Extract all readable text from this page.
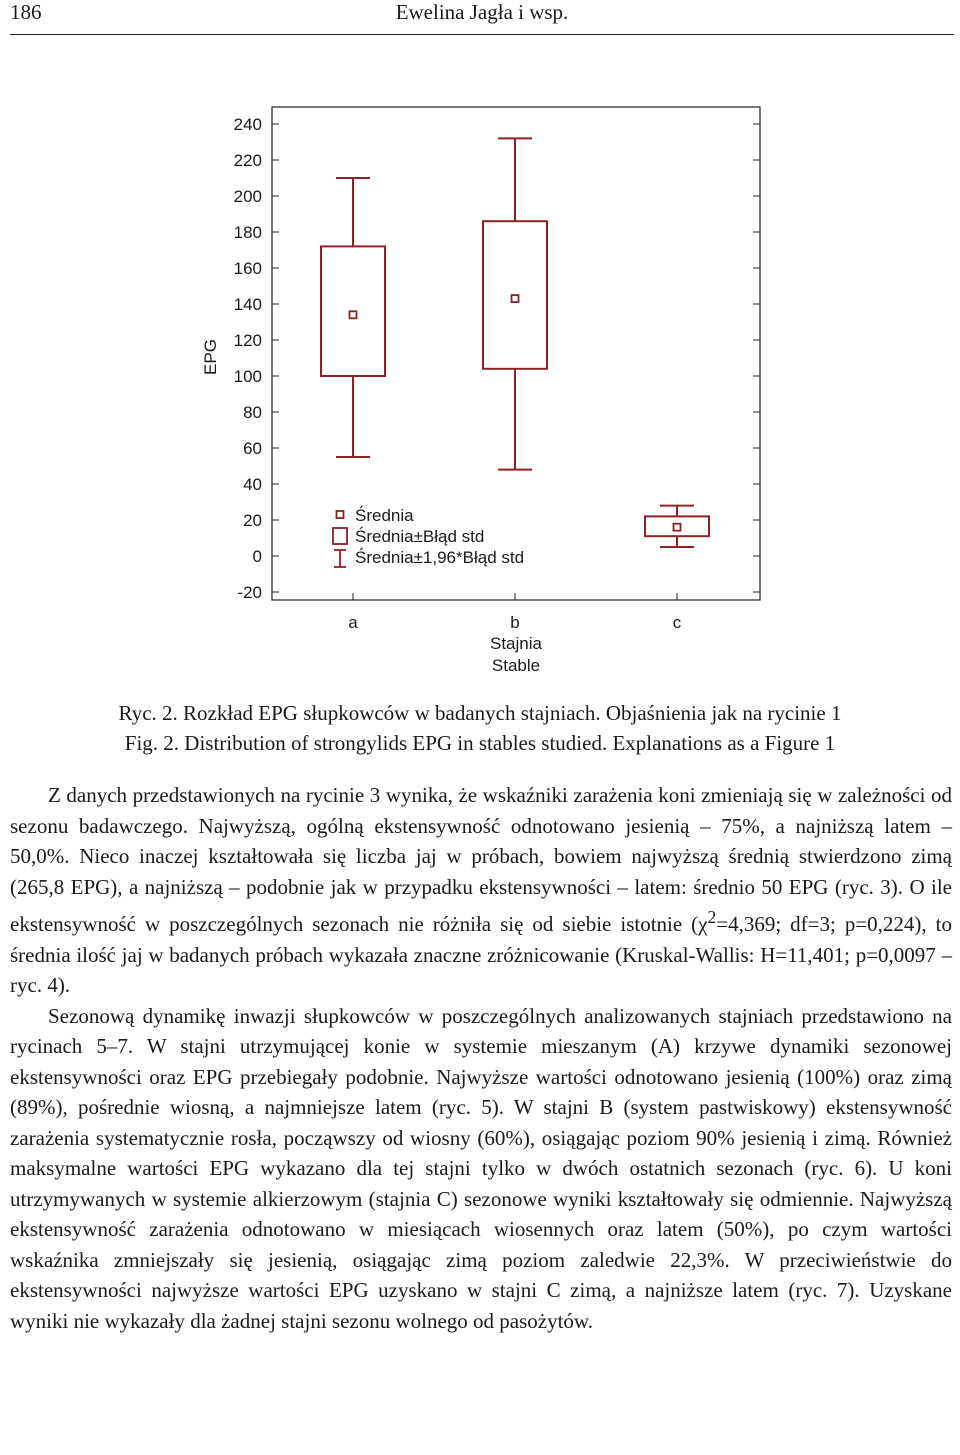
186	Ewelina Jagła i wsp.
-20
0
20
40
60
80
100
120
140
160
180
200
220
240
a	b	c
EPG
Stajnia
Stable
Średnia
Średnia±Błąd std
Średnia±1,96*Błąd std
Ryc. 2. Rozkład EPG słupkowców w badanych stajniach. Objaśnienia jak na rycinie 1
Fig. 2. Distribution of strongylids EPG in stables studied. Explanations as a Figure 1

Z danych przedstawionych na rycinie 3 wynika, że wskaźniki zarażenia koni zmieniają się w zależności od sezonu badawczego. Najwyższą, ogólną ekstensywność odnotowano jesienią – 75%, a najniższą latem – 50,0%. Nieco inaczej kształtowała się liczba jaj w próbach, bowiem najwyższą średnią stwierdzono zimą (265,8 EPG), a najniższą – podobnie jak w przypadku ekstensywności – latem: średnio 50 EPG (ryc. 3). O ile ekstensywność w poszczególnych sezonach nie różniła się od siebie istotnie ($\chi^2=4,369$; df=3; p=0,224), to średnia ilość jaj w badanych próbach wykazała znaczne zróżnicowanie (Kruskal-Wallis: H=11,401; p=0,0097 – ryc. 4).

Sezonową dynamikę inwazji słupkowców w poszczególnych analizowanych stajniach przedstawiono na rycinach 5–7. W stajni utrzymującej konie w systemie mieszanym (A) krzywe dynamiki sezonowej ekstensywności oraz EPG przebiegały podobnie. Najwyższe wartości odnotowano jesienią (100%) oraz zimą (89%), pośrednie wiosną, a najmniejsze latem (ryc. 5). W stajni B (system pastwiskowy) ekstensywność zarażenia systematycznie rosła, począwszy od wiosny (60%), osiągając poziom 90% jesienią i zimą. Również maksymalne wartości EPG wykazano dla tej stajni tylko w dwóch ostatnich sezonach (ryc. 6). U koni utrzymywanych w systemie alkierzowym (stajnia C) sezonowe wyniki kształtowały się odmiennie. Najwyższą ekstensywność zarażenia odnotowano w miesiącach wiosennych oraz latem (50%), po czym wartości wskaźnika zmniejszały się jesienią, osiągając zimą poziom zaledwie 22,3%. W przeciwieństwie do ekstensywności najwyższe wartości EPG uzyskano w stajni C zimą, a najniższe latem (ryc. 7). Uzyskane wyniki nie wykazały dla żadnej stajni sezonu wolnego od pasożytów.
